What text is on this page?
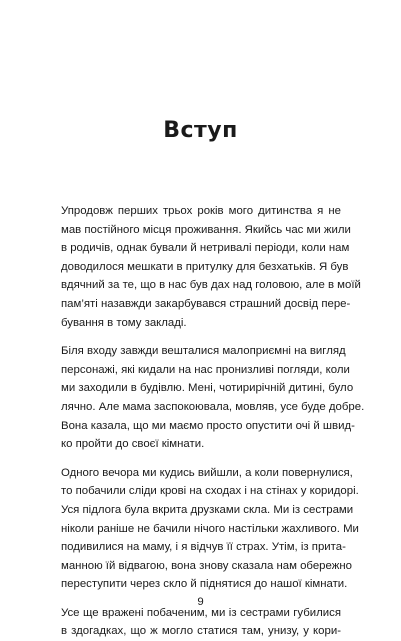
Вступ
Упродовж перших трьох років мого дитинства я не
мав постійного місця проживання. Якийсь час ми жили
в родичів, однак бували й нетривалі періоди, коли нам
доводилося мешкати в притулку для безхатьків. Я був
вдячний за те, що в нас був дах над головою, але в моїй
пам’яті назавжди закарбувався страшний досвід пере-
бування в тому закладі.
Біля входу завжди вешталися малоприємні на вигляд
персонажі, які кидали на нас пронизливі погляди, коли
ми заходили в будівлю. Мені, чотирирічній дитині, було
лячно. Але мама заспокоювала, мовляв, усе буде добре.
Вона казала, що ми маємо просто опустити очі й швид-
ко пройти до своєї кімнати.
Одного вечора ми кудись вийшли, а коли повернулися,
то побачили сліди крові на сходах і на стінах у коридорі.
Уся підлога була вкрита друзками скла. Ми із сестрами
ніколи раніше не бачили нічого настільки жахливого. Ми
подивилися на маму, і я відчув її страх. Утім, із прита-
манною їй відвагою, вона знову сказала нам обережно
переступити через скло й піднятися до нашої кімнати.
Усе ще вражені побаченим, ми із сестрами губилися
в здогадках, що ж могло статися там, унизу, у кори-
9
